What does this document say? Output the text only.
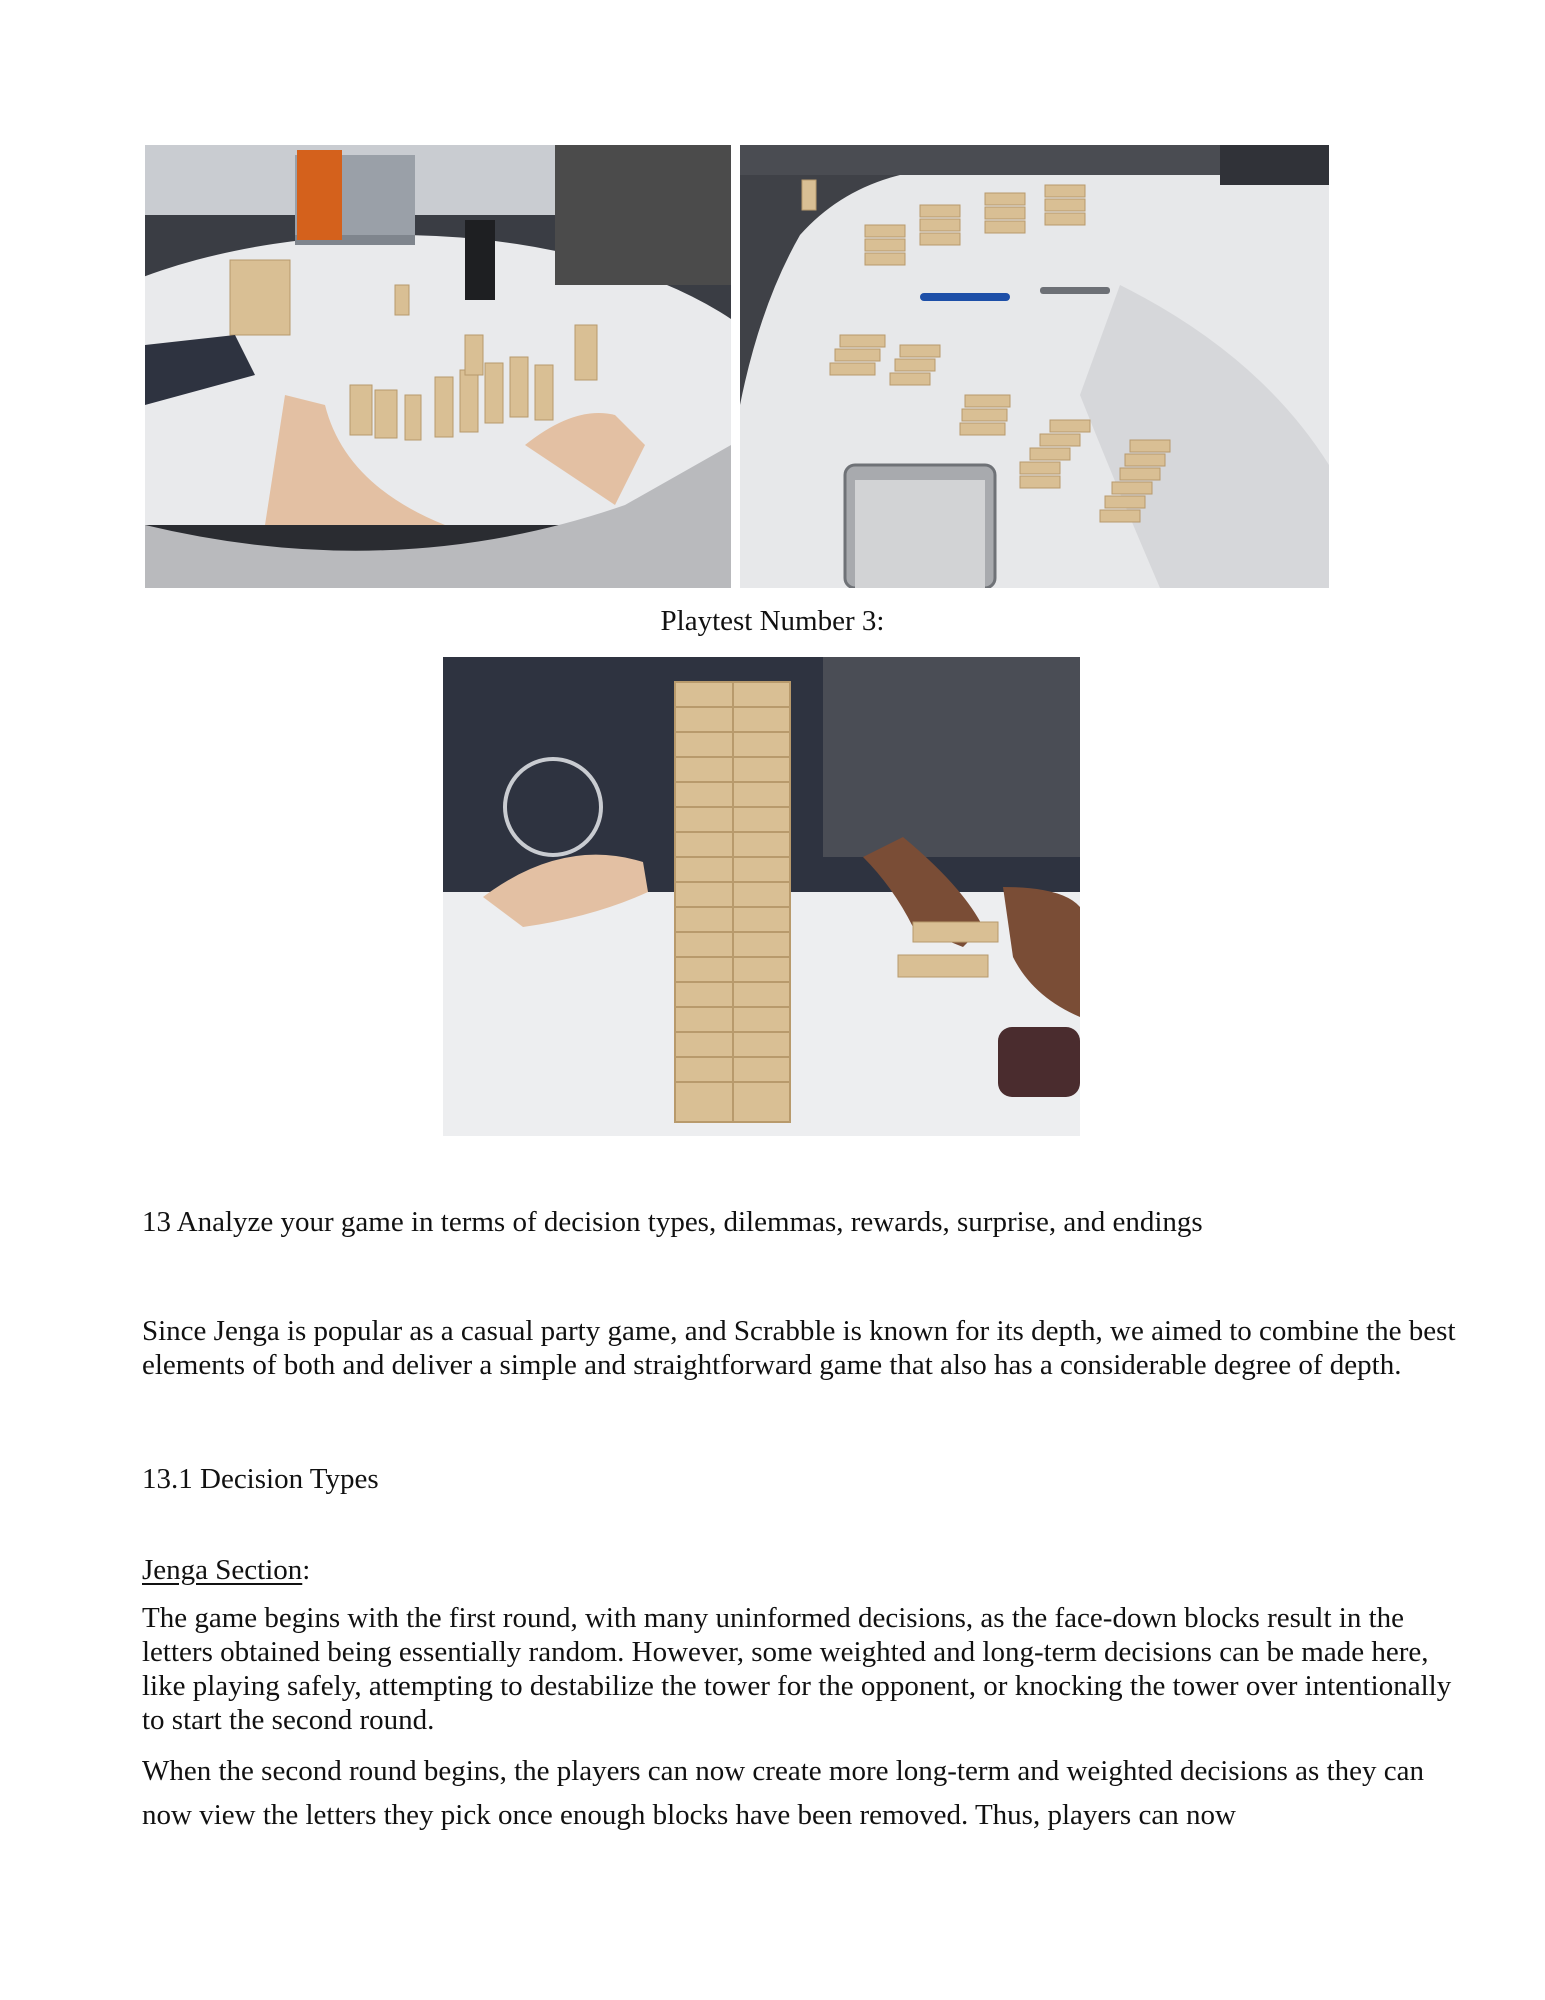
Playtest Number 3:
13 Analyze your game in terms of decision types, dilemmas, rewards, surprise, and endings
Since Jenga is popular as a casual party game, and Scrabble is known for its depth, we aimed to combine the best elements of both and deliver a simple and straightforward game that also has a considerable degree of depth.
13.1 Decision Types
Jenga Section:
The game begins with the first round, with many uninformed decisions, as the face-down blocks result in the letters obtained being essentially random. However, some weighted and long-term decisions can be made here, like playing safely, attempting to destabilize the tower for the opponent, or knocking the tower over intentionally to start the second round.
When the second round begins, the players can now create more long-term and weighted decisions as they can now view the letters they pick once enough blocks have been removed. Thus, players can now
